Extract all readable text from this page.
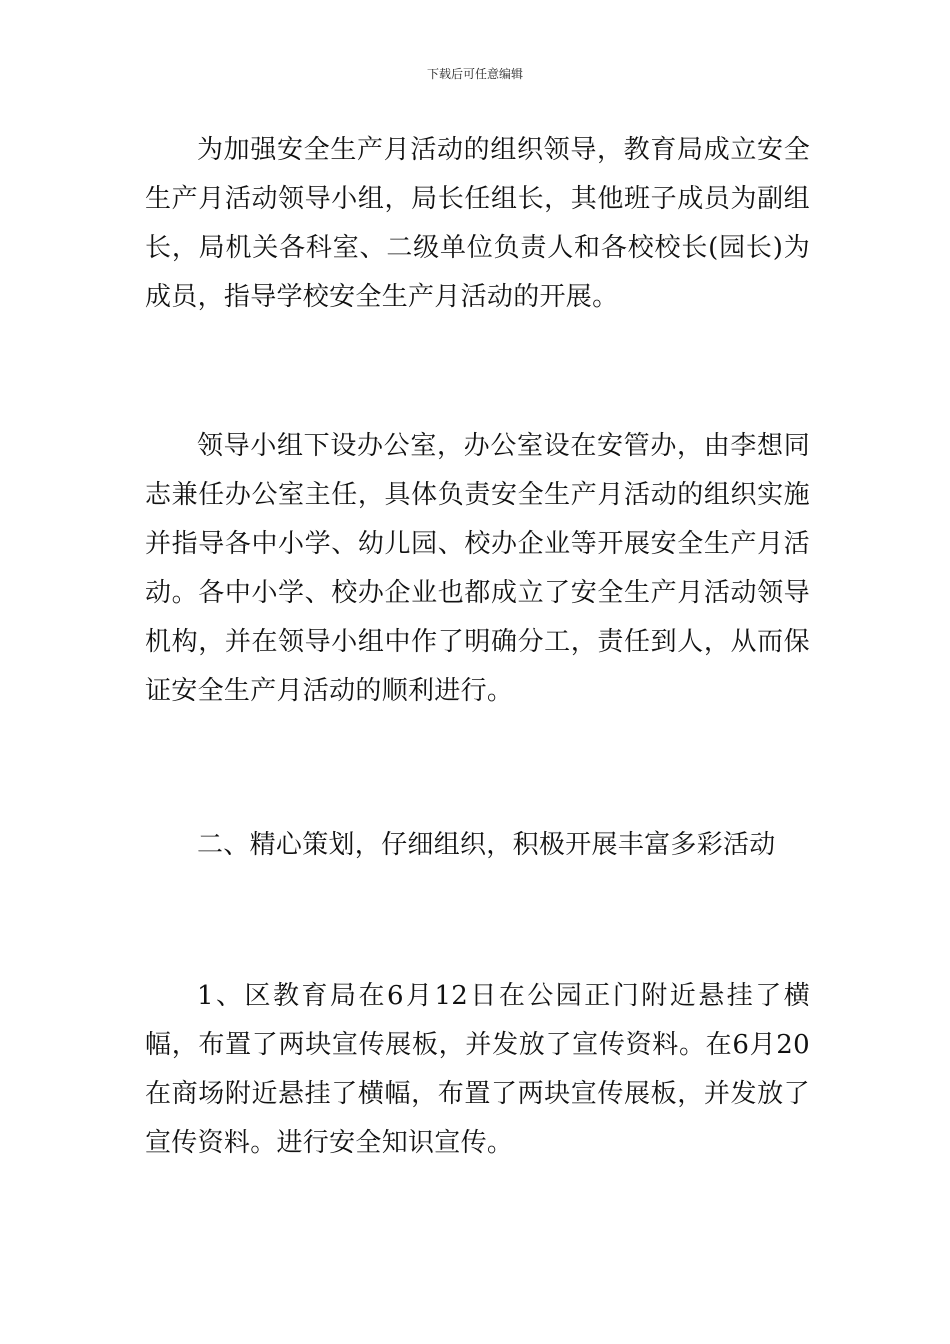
下载后可任意编辑

为加强安全生产月活动的组织领导，教育局成立安全生产月活动领导小组，局长任组长，其他班子成员为副组长，局机关各科室、二级单位负责人和各校校长(园长)为成员，指导学校安全生产月活动的开展。

领导小组下设办公室，办公室设在安管办，由李想同志兼任办公室主任，具体负责安全生产月活动的组织实施并指导各中小学、幼儿园、校办企业等开展安全生产月活动。各中小学、校办企业也都成立了安全生产月活动领导机构，并在领导小组中作了明确分工，责任到人，从而保证安全生产月活动的顺利进行。

二、精心策划，仔细组织，积极开展丰富多彩活动

1、区教育局在6月12日在公园正门附近悬挂了横幅，布置了两块宣传展板，并发放了宣传资料。在6月20在商场附近悬挂了横幅，布置了两块宣传展板，并发放了宣传资料。进行安全知识宣传。
